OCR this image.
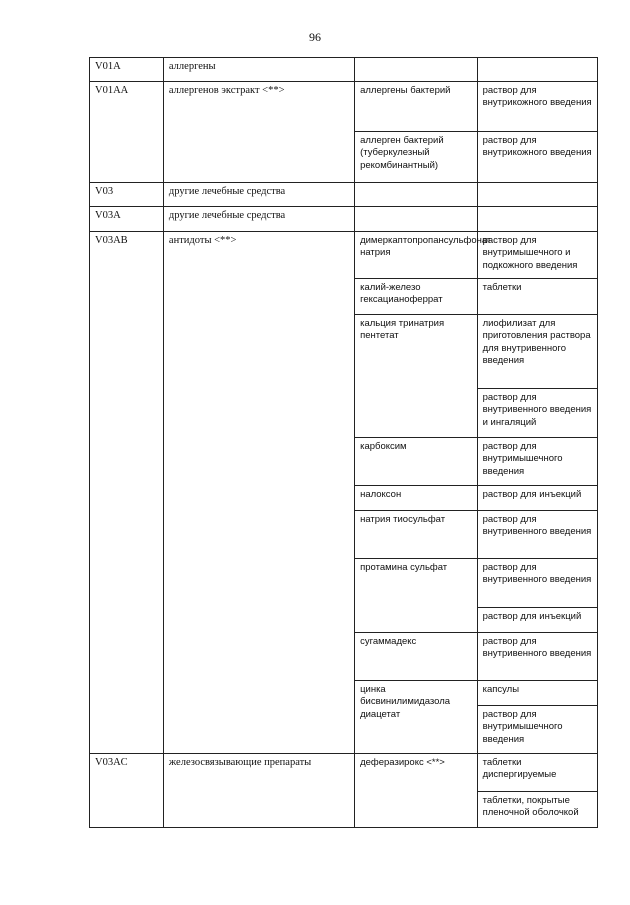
96
V01A	аллергены		
V01AA	аллергенов экстракт <**>	аллергены бактерий	раствор для внутрикожного введения
		аллерген бактерий (туберкулезный рекомбинантный)	раствор для внутрикожного введения
V03	другие лечебные средства		
V03A	другие лечебные средства		
V03AB	антидоты <**>	димеркаптопропансульфонат натрия	раствор для внутримышечного и подкожного введения
		калий-железо гексацианоферрат	таблетки
		кальция тринатрия пентетат	лиофилизат для приготовления раствора для внутривенного введения
			раствор для внутривенного введения и ингаляций
		карбоксим	раствор для внутримышечного введения
		налоксон	раствор для инъекций
		натрия тиосульфат	раствор для внутривенного введения
		протамина сульфат	раствор для внутривенного введения
			раствор для инъекций
		сугаммадекс	раствор для внутривенного введения
		цинка бисвинилимидазола диацетат	капсулы
			раствор для внутримышечного введения

V03AC	железосвязывающие препараты	деферазирокс <**>	таблетки диспергируемые
			таблетки, покрытые пленочной оболочкой
